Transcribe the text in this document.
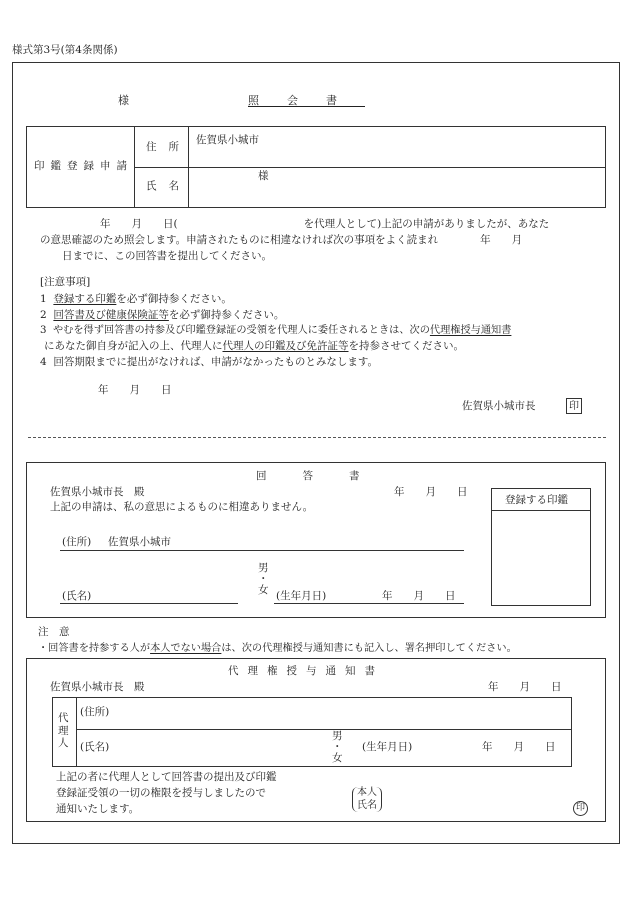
様式第3号(第4条関係)
様	照会書
印鑑登録申請
住所
佐賀県小城市
氏名
様
年　　月　　日(　　　　　　　　　　　　を代理人として)上記の申請がありましたが、あなた
の意思確認のため照会します。申請されたものに相違なければ次の事項をよく読まれ　　　　年　　月
日までに、この回答書を提出してください。
[注意事項]
1 登録する印鑑を必ず御持参ください。
2 回答書及び健康保険証等を必ず御持参ください。
3 やむを得ず回答書の持参及び印鑑登録証の受領を代理人に委任されるときは、次の代理権授与通知書
にあなた御自身が記入の上、代理人に代理人の印鑑及び免許証等を持参させてください。
4 回答期限までに提出がなければ、申請がなかったものとみなします。
年　　月　　日
佐賀県小城市長	印
回答書
佐賀県小城市長　殿	年　　月　　日
上記の申請は、私の意思によるものに相違ありません。
登録する印鑑
(住所) 佐賀県小城市
男
・
女
(氏名)	(生年月日)	年　　月　　日
注　意
・回答書を持参する人が本人でない場合は、次の代理権授与通知書にも記入し、署名押印してください。
代理権授与通知書
佐賀県小城市長　殿	年　　月　　日
代理人
(住所)
(氏名)
男
・
女
(生年月日)	年　　月　　日
上記の者に代理人として回答書の提出及び印鑑
登録証受領の一切の権限を授与しましたので
通知いたします。
本人
氏名	印
